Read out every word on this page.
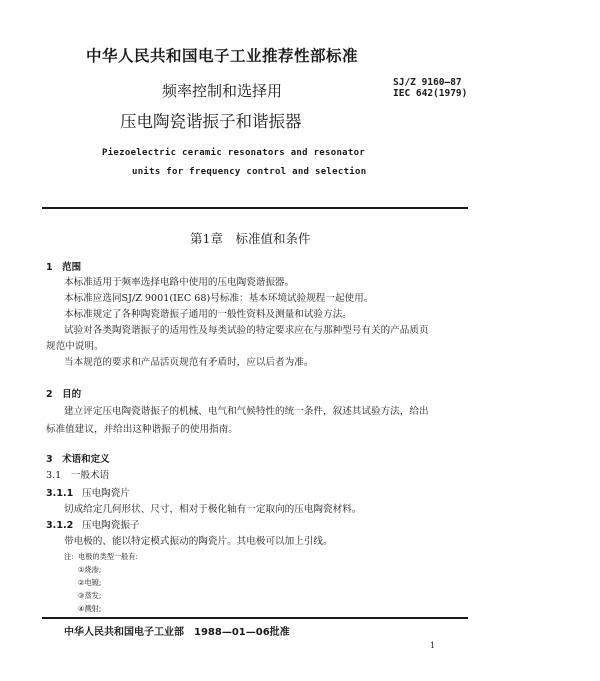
中华人民共和国电子工业推荐性部标准
频率控制和选择用
压电陶瓷谐振子和谐振器
SJ/Z 9160—87
IEC 642(1979)
Piezoelectric ceramic resonators and resonator
units for frequency control and selection
第1章　标准值和条件
1　范围
本标准适用于频率选择电路中使用的压电陶瓷谐振器。
本标准应选同SJ/Z 9001(IEC 68)号标准：基本环境试验规程一起使用。
本标准规定了各种陶瓷谐振子通用的一般性资料及测量和试验方法。
试验对各类陶瓷谐振子的适用性及每类试验的特定要求应在与那种型号有关的产品质页
规范中说明。
当本规范的要求和产品活页规范有矛盾时，应以后者为准。
2　目的
建立评定压电陶瓷谐振子的机械、电气和气候特性的统一条件，叙述其试验方法，给出
标准值建议，并给出这种谐振子的使用指南。
3　术语和定义
3.1　一般术语
3.1.1 压电陶瓷片
切成给定几何形状、尺寸，相对于极化轴有一定取向的压电陶瓷材料。
3.1.2 压电陶瓷振子
带电极的、能以特定模式振动的陶瓷片。其电极可以加上引线。
注: 电极的类型一般有:
①烧渗;
②电镀;
③蒸发;
④溅射;
中华人民共和国电子工业部　1988—01—06批准
1
